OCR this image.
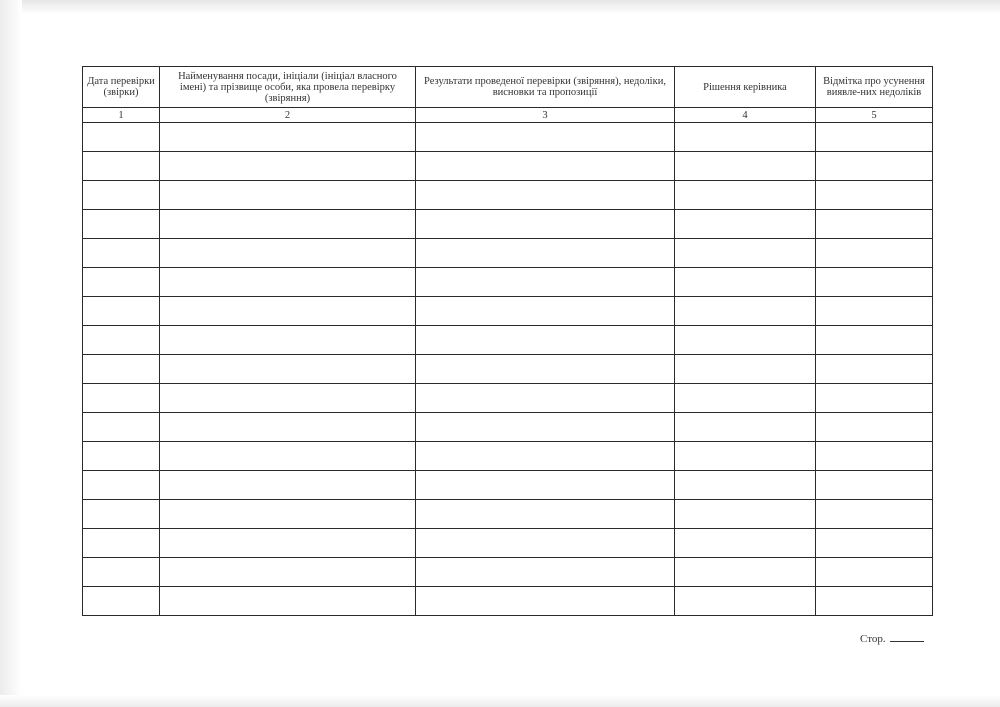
Дата перевірки (звірки)	Найменування посади, ініціали (ініціал власного імені) та прізвище особи, яка провела перевірку (звіряння)	Результати проведеної перевірки (звіряння), недоліки, висновки та пропозиції	Рішення керівника	Відмітка про усунення виявле-них недоліків
1	2	3	4	5

Стор.
